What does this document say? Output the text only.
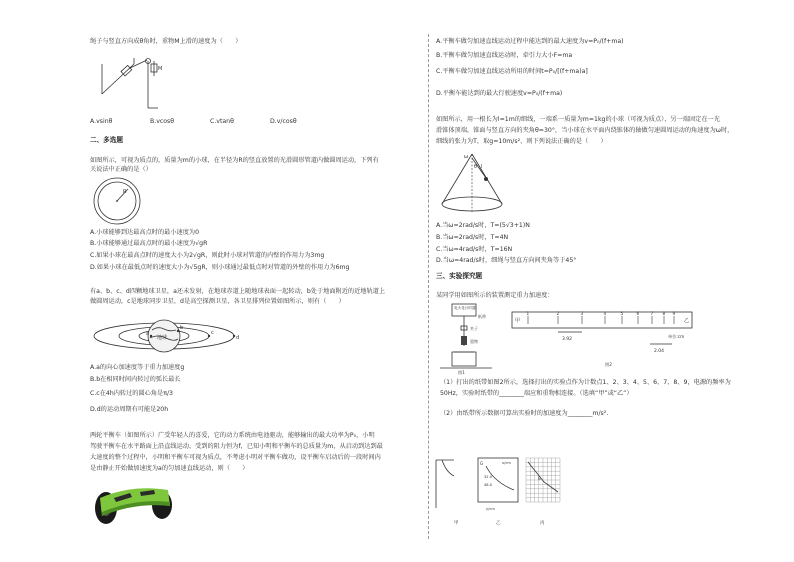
绳子与竖直方向成θ角时，重物M上滑的速度为（　　）
M
A.vsinθ	B.vcosθ	C.vtanθ	D.v/cosθ
二、多选题
如图所示，可视为质点的，质量为m的小球，在半径为R的竖直放置的光滑圆形管道内做圆周运动，下列有
关说法中正确的是（）
R
A.小球能够到达最高点时的最小速度为0
B.小球能够通过最高点时的最小速度为√gR
C.如果小球在最高点时的速度大小为2√gR，则此时小球对管道的内壁的作用力为3mg
D.如果小球在最低点时的速度大小为√5gR，则小球通过最低点时对管道的外壁的作用力为6mg
有a、b、c、d四颗地球卫星，a还未发射，在地球赤道上随地球表面一起转动，b处于地面附近的近地轨道上
做圆周运动，c是地球同步卫星，d是高空探测卫星，各卫星排列位置如图所示，则有（　　）
地球
a
b
c
d
A.a的向心加速度等于重力加速度g
B.b在相同时间内转过的弧长最长
C.c在4h内转过的圆心角是π/3
D.d的运动周期有可能是20h
两轮平衡车（如图所示）广受年轻人的喜爱，它的动力系统由电池驱动，能够输出的最大功率为P₀，小明
驾驶平衡车在水平路面上沿直线运动，受到的阻力恒为f，已知小明和平衡车的总质量为m，从启动到达到最
大速度的整个过程中，小明和平衡车可视为质点，不考虑小明对平衡车做功，设平衡车启动后的一段时间内
是由静止开始做加速度为a的匀加速直线运动，则（　　）
A.平衡车做匀加速直线运动过程中能达到的最大速度为v=P₀/(f+ma)
B.平衡车做匀加速直线运动时，牵引力大小F=ma
C.平衡车做匀加速直线运动所用的时间t=P₀/[(f+ma)a]
D.平衡车能达到的最大行驶速度v=P₀/(f+ma)
如图所示，用一根长为l=1m的细线，一端系一质量为m=1kg的小球（可视为质点），另一端固定在一光
滑锥体顶端，锥面与竖直方向的夹角θ=30°，当小球在水平面内绕锥体的轴做匀速圆周运动的角速度为ω时，
细线的张力为T，取g=10m/s²，则下列说法正确的是（　　）
θ l
ω
A.当ω=2rad/s时，T=(5√3+1)N
B.当ω=2rad/s时，T=4N
C.当ω=4rad/s时，T=16N
D.当ω=4rad/s时，细绳与竖直方向间夹角等于45°
三、实验探究题
某同学用如图所示的装置测定重力加速度：
电火花计时器
纸带
夹子
重物
图1
甲	乙
1	2	3	4	5	6	7 8 9
3.92
2.04
单位:cm
图2
（1）打出的纸带如图2所示，选择打出的实验点作为计数点1、2、3、4、5、6、7、8、9，电源的频率为
50Hz，实验时纸带的________端应和重物相连接。（选填“甲”或“乙”）
（2）由纸带所示数据可算出实验时的加速度为________m/s².
甲
G
32.0
48.0
y/cm
x/cm
乙
B
丙
